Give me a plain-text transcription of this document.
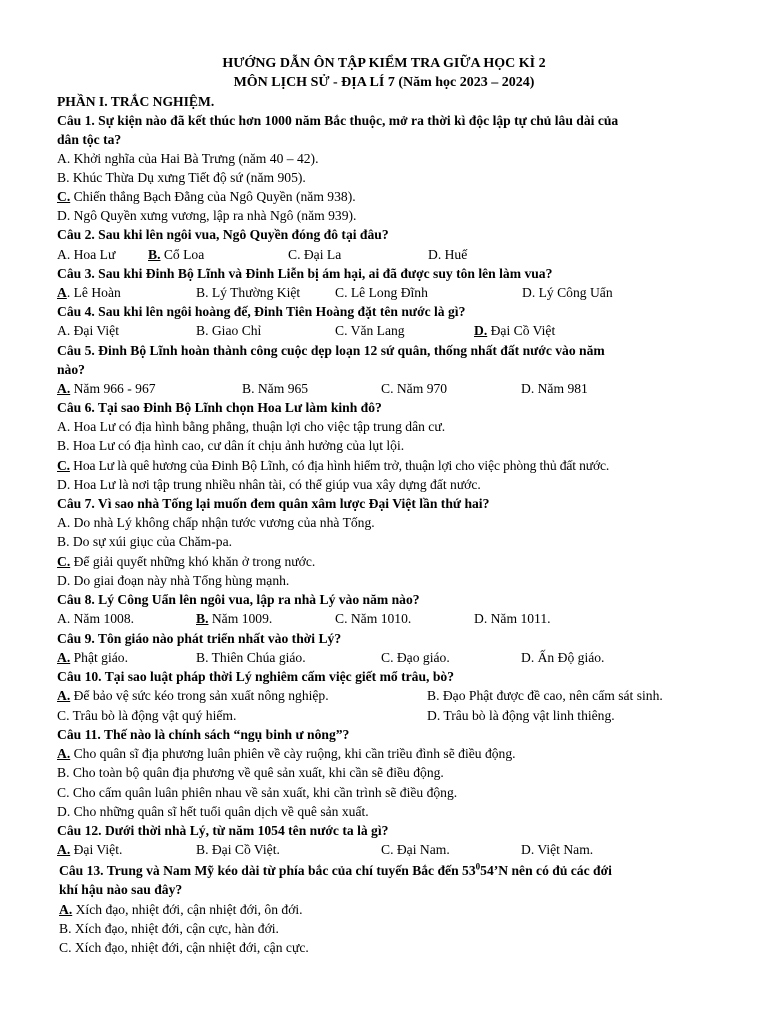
HƯỚNG DẪN ÔN TẬP KIỂM TRA GIỮA HỌC KÌ 2
MÔN LỊCH SỬ - ĐỊA LÍ 7 (Năm học 2023 – 2024)
PHẦN I. TRẮC NGHIỆM.
Câu 1. Sự kiện nào đã kết thúc hơn 1000 năm Bắc thuộc, mở ra thời kì độc lập tự chủ lâu dài của
dân tộc ta?
A. Khởi nghĩa của Hai Bà Trưng (năm 40 – 42).
B. Khúc Thừa Dụ xưng Tiết độ sứ (năm 905).
C. Chiến thắng Bạch Đằng của Ngô Quyền (năm 938).
D. Ngô Quyền xưng vương, lập ra nhà Ngô (năm 939).
Câu 2. Sau khi lên ngôi vua, Ngô Quyền đóng đô tại đâu?
A. Hoa Lư B. Cổ Loa	C. Đại La	D. Huế
Câu 3. Sau khi Đinh Bộ Lĩnh và Đinh Liễn bị ám hại, ai đã được suy tôn lên làm vua?
A. Lê Hoàn	B. Lý Thường Kiệt	C. Lê Long Đĩnh	D. Lý Công Uẩn
Câu 4. Sau khi lên ngôi hoàng đế, Đinh Tiên Hoàng đặt tên nước là gì?
A. Đại Việt	B. Giao Chỉ	C. Văn Lang	D. Đại Cồ Việt
Câu 5. Đinh Bộ Lĩnh hoàn thành công cuộc dẹp loạn 12 sứ quân, thống nhất đất nước vào năm
nào?
A. Năm 966 - 967	B. Năm 965	C. Năm 970	D. Năm 981
Câu 6. Tại sao Đinh Bộ Lĩnh chọn Hoa Lư làm kinh đô?
A. Hoa Lư có địa hình bằng phẳng, thuận lợi cho việc tập trung dân cư.
B. Hoa Lư có địa hình cao, cư dân ít chịu ảnh hưởng của lụt lội.
C. Hoa Lư là quê hương của Đinh Bộ Lĩnh, có địa hình hiểm trở, thuận lợi cho việc phòng thủ đất nước.
D. Hoa Lư là nơi tập trung nhiều nhân tài, có thể giúp vua xây dựng đất nước.
Câu 7. Vì sao nhà Tống lại muốn đem quân xâm lược Đại Việt lần thứ hai?
A. Do nhà Lý không chấp nhận tước vương của nhà Tống.
B. Do sự xúi giục của Chăm-pa.
C. Để giải quyết những khó khăn ở trong nước.
D. Do giai đoạn này nhà Tống hùng mạnh.
Câu 8. Lý Công Uẩn lên ngôi vua, lập ra nhà Lý vào năm nào?
A. Năm 1008.	B. Năm 1009.	C. Năm 1010.	D. Năm 1011.
Câu 9. Tôn giáo nào phát triển nhất vào thời Lý?
A. Phật giáo.	B. Thiên Chúa giáo.	C. Đạo giáo.	D. Ấn Độ giáo.
Câu 10. Tại sao luật pháp thời Lý nghiêm cấm việc giết mổ trâu, bò?
A. Để bảo vệ sức kéo trong sản xuất nông nghiệp.	B. Đạo Phật được đề cao, nên cấm sát sinh.
C. Trâu bò là động vật quý hiếm.	D. Trâu bò là động vật linh thiêng.
Câu 11. Thế nào là chính sách “ngụ binh ư nông”?
A. Cho quân sĩ địa phương luân phiên về cày ruộng, khi cần triều đình sẽ điều động.
B. Cho toàn bộ quân địa phương về quê sản xuất, khi cần sẽ điều động.
C. Cho cấm quân luân phiên nhau về sản xuất, khi cần trình sẽ điều động.
D. Cho những quân sĩ hết tuổi quân dịch về quê sản xuất.
Câu 12. Dưới thời nhà Lý, từ năm 1054 tên nước ta là gì?
A. Đại Việt.	B. Đại Cồ Việt.	C. Đại Nam.	D. Việt Nam.
Câu 13. Trung và Nam Mỹ kéo dài từ phía bắc của chí tuyến Bắc đến $53^054’N$ nên có đủ các đới
khí hậu nào sau đây?
A. Xích đạo, nhiệt đới, cận nhiệt đới, ôn đới.
B. Xích đạo, nhiệt đới, cận cực, hàn đới.
C. Xích đạo, nhiệt đới, cận nhiệt đới, cận cực.
